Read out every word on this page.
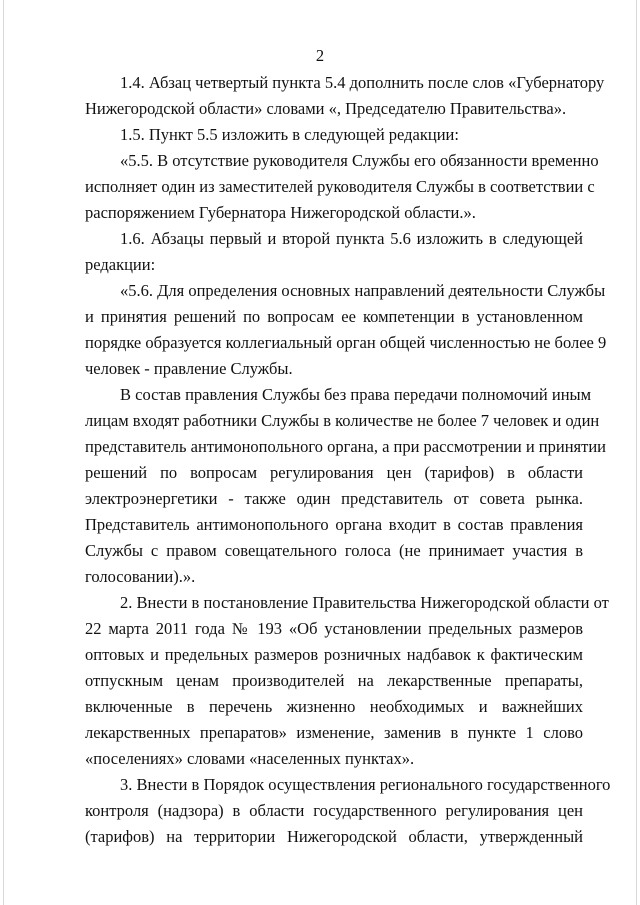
2
1.4. Абзац четвертый пункта 5.4 дополнить после слов «Губернатору
Нижегородской области» словами «, Председателю Правительства».
1.5. Пункт 5.5 изложить в следующей редакции:
«5.5. В отсутствие руководителя Службы его обязанности временно
исполняет один из заместителей руководителя Службы в соответствии с
распоряжением Губернатора Нижегородской области.».
1.6. Абзацы первый и второй пункта 5.6 изложить в следующей
редакции:
«5.6. Для определения основных направлений деятельности Службы
и принятия решений по вопросам ее компетенции в установленном
порядке образуется коллегиальный орган общей численностью не более 9
человек - правление Службы.
В состав правления Службы без права передачи полномочий иным
лицам входят работники Службы в количестве не более 7 человек и один
представитель антимонопольного органа, а при рассмотрении и принятии
решений по вопросам регулирования цен (тарифов) в области
электроэнергетики - также один представитель от совета рынка.
Представитель антимонопольного органа входит в состав правления
Службы с правом совещательного голоса (не принимает участия в
голосовании).».
2. Внести в постановление Правительства Нижегородской области от
22 марта 2011 года № 193 «Об установлении предельных размеров
оптовых и предельных размеров розничных надбавок к фактическим
отпускным ценам производителей на лекарственные препараты,
включенные в перечень жизненно необходимых и важнейших
лекарственных препаратов» изменение, заменив в пункте 1 слово
«поселениях» словами «населенных пунктах».
3. Внести в Порядок осуществления регионального государственного
контроля (надзора) в области государственного регулирования цен
(тарифов) на территории Нижегородской области, утвержденный
